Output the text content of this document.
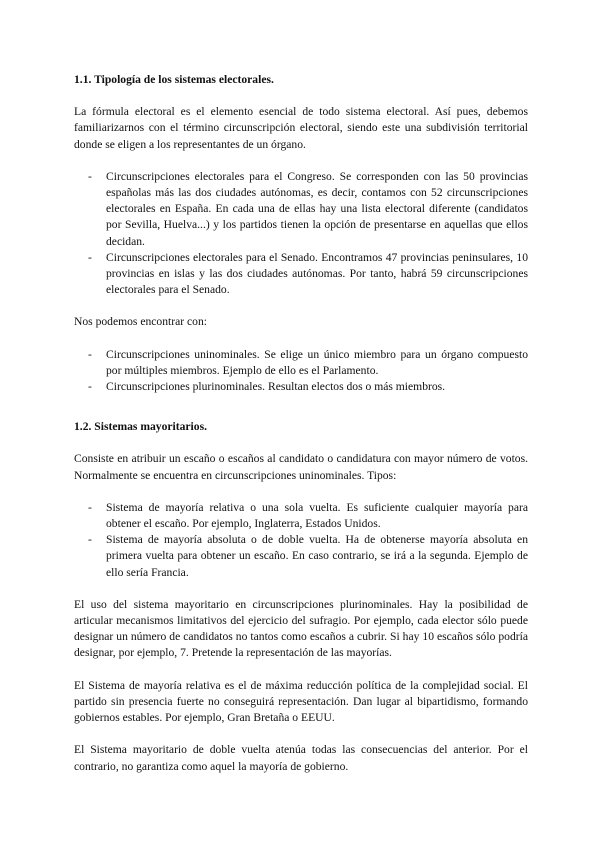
1.1. Tipología de los sistemas electorales.

La fórmula electoral es el elemento esencial de todo sistema electoral. Así pues, debemos familiarizarnos con el término circunscripción electoral, siendo este una subdivisión territorial donde se eligen a los representantes de un órgano.

- Circunscripciones electorales para el Congreso. Se corresponden con las 50 provincias españolas más las dos ciudades autónomas, es decir, contamos con 52 circunscripciones electorales en España. En cada una de ellas hay una lista electoral diferente (candidatos por Sevilla, Huelva...) y los partidos tienen la opción de presentarse en aquellas que ellos decidan.
- Circunscripciones electorales para el Senado. Encontramos 47 provincias peninsulares, 10 provincias en islas y las dos ciudades autónomas. Por tanto, habrá 59 circunscripciones electorales para el Senado.

Nos podemos encontrar con:

- Circunscripciones uninominales. Se elige un único miembro para un órgano compuesto por múltiples miembros. Ejemplo de ello es el Parlamento.
- Circunscripciones plurinominales. Resultan electos dos o más miembros.

1.2. Sistemas mayoritarios.

Consiste en atribuir un escaño o escaños al candidato o candidatura con mayor número de votos. Normalmente se encuentra en circunscripciones uninominales. Tipos:

- Sistema de mayoría relativa o una sola vuelta. Es suficiente cualquier mayoría para obtener el escaño. Por ejemplo, Inglaterra, Estados Unidos.
- Sistema de mayoría absoluta o de doble vuelta. Ha de obtenerse mayoría absoluta en primera vuelta para obtener un escaño. En caso contrario, se irá a la segunda. Ejemplo de ello sería Francia.

El uso del sistema mayoritario en circunscripciones plurinominales. Hay la posibilidad de articular mecanismos limitativos del ejercicio del sufragio. Por ejemplo, cada elector sólo puede designar un número de candidatos no tantos como escaños a cubrir. Si hay 10 escaños sólo podría designar, por ejemplo, 7. Pretende la representación de las mayorías.

El Sistema de mayoría relativa es el de máxima reducción política de la complejidad social. El partido sin presencia fuerte no conseguirá representación. Dan lugar al bipartidismo, formando gobiernos estables. Por ejemplo, Gran Bretaña o EEUU.

El Sistema mayoritario de doble vuelta atenúa todas las consecuencias del anterior. Por el contrario, no garantiza como aquel la mayoría de gobierno.
